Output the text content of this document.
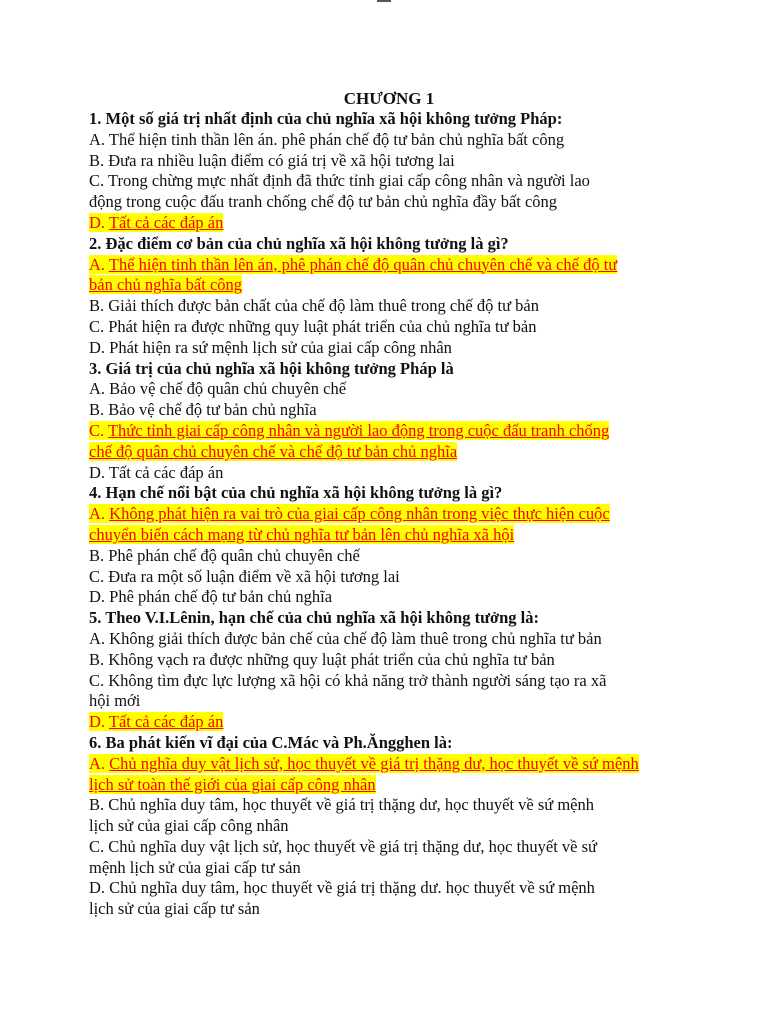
CHƯƠNG 1

1. Một số giá trị nhất định của chủ nghĩa xã hội không tưởng Pháp:

A. Thể hiện tinh thần lên án. phê phán chế độ tư bản chủ nghĩa bất công

B. Đưa ra nhiều luận điểm có giá trị về xã hội tương lai

C. Trong chừng mực nhất định đã thức tỉnh giai cấp công nhân và người lao
động trong cuộc đấu tranh chống chế độ tư bản chủ nghĩa đầy bất công

D. Tất cả các đáp án

2. Đặc điểm cơ bản của chủ nghĩa xã hội không tưởng là gì?

A. Thể hiện tinh thần lên án, phê phán chế độ quân chủ chuyên chế và chế độ tư
bản chủ nghĩa bất công

B. Giải thích được bản chất của chế độ làm thuê trong chế độ tư bản

C. Phát hiện ra được những quy luật phát triển của chủ nghĩa tư bản

D. Phát hiện ra sứ mệnh lịch sử của giai cấp công nhân

3. Giá trị của chủ nghĩa xã hội không tưởng Pháp là

A. Bảo vệ chế độ quân chủ chuyên chế

B. Bảo vệ chế độ tư bản chủ nghĩa

C. Thức tỉnh giai cấp công nhân và người lao động trong cuộc đấu tranh chống
chế độ quân chủ chuyên chế và chế độ tư bản chủ nghĩa

D. Tất cả các đáp án

4. Hạn chế nổi bật của chủ nghĩa xã hội không tưởng là gì?

A. Không phát hiện ra vai trò của giai cấp công nhân trong việc thực hiện cuộc
chuyển biến cách mạng từ chủ nghĩa tư bản lên chủ nghĩa xã hội

B. Phê phán chế độ quân chủ chuyên chế

C. Đưa ra một số luận điểm về xã hội tương lai

D. Phê phán chế độ tư bản chủ nghĩa

5. Theo V.I.Lênin, hạn chế của chủ nghĩa xã hội không tưởng là:

A. Không giải thích được bản chế của chế độ làm thuê trong chủ nghĩa tư bản

B. Không vạch ra được những quy luật phát triển của chủ nghĩa tư bản

C. Không tìm đực lực lượng xã hội có khả năng trở thành người sáng tạo ra xã
hội mới

D. Tất cả các đáp án

6. Ba phát kiến vĩ đại của C.Mác và Ph.Ăngghen là:

A. Chủ nghĩa duy vật lịch sử, học thuyết về giá trị thặng dư, học thuyết về sứ mệnh
lịch sử toàn thế giới của giai cấp công nhân

B. Chủ nghĩa duy tâm, học thuyết về giá trị thặng dư, học thuyết về sứ mệnh
lịch sử của giai cấp công nhân

C. Chủ nghĩa duy vật lịch sử, học thuyết về giá trị thặng dư, học thuyết về sứ
mệnh lịch sử của giai cấp tư sản

D. Chủ nghĩa duy tâm, học thuyết về giá trị thặng dư. học thuyết về sứ mệnh
lịch sử của giai cấp tư sản
